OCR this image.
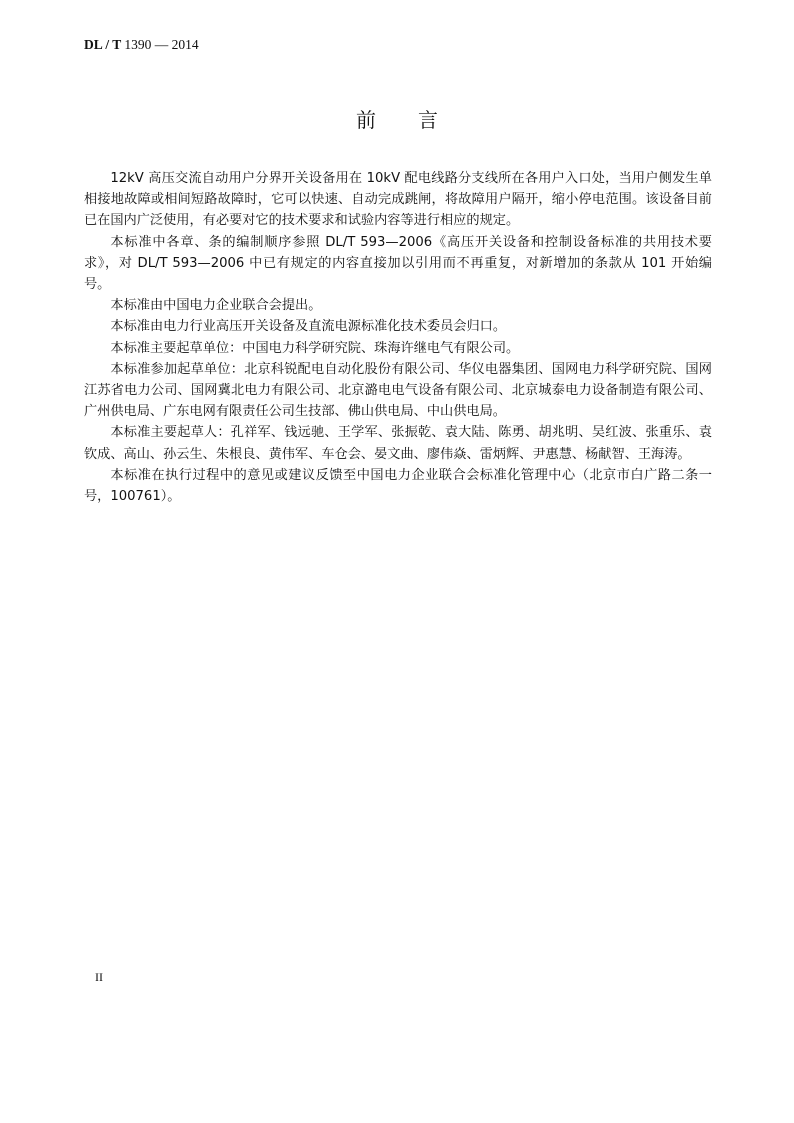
DL / T 1390 — 2014
前 言

12kV 高压交流自动用户分界开关设备用在 10kV 配电线路分支线所在各用户入口处，当用户侧发生单相接地故障或相间短路故障时，它可以快速、自动完成跳闸，将故障用户隔开，缩小停电范围。该设备目前已在国内广泛使用，有必要对它的技术要求和试验内容等进行相应的规定。

本标准中各章、条的编制顺序参照 DL/T 593—2006《高压开关设备和控制设备标准的共用技术要求》，对 DL/T 593—2006 中已有规定的内容直接加以引用而不再重复，对新增加的条款从 101 开始编号。

本标准由中国电力企业联合会提出。

本标准由电力行业高压开关设备及直流电源标准化技术委员会归口。

本标准主要起草单位：中国电力科学研究院、珠海许继电气有限公司。

本标准参加起草单位：北京科锐配电自动化股份有限公司、华仪电器集团、国网电力科学研究院、国网江苏省电力公司、国网冀北电力有限公司、北京潞电电气设备有限公司、北京城泰电力设备制造有限公司、广州供电局、广东电网有限责任公司生技部、佛山供电局、中山供电局。

本标准主要起草人：孔祥军、钱远驰、王学军、张振乾、袁大陆、陈勇、胡兆明、吴红波、张重乐、袁钦成、高山、孙云生、朱根良、黄伟军、车仓会、晏文曲、廖伟焱、雷炳辉、尹惠慧、杨献智、王海涛。

本标准在执行过程中的意见或建议反馈至中国电力企业联合会标准化管理中心（北京市白广路二条一号，100761）。

II
